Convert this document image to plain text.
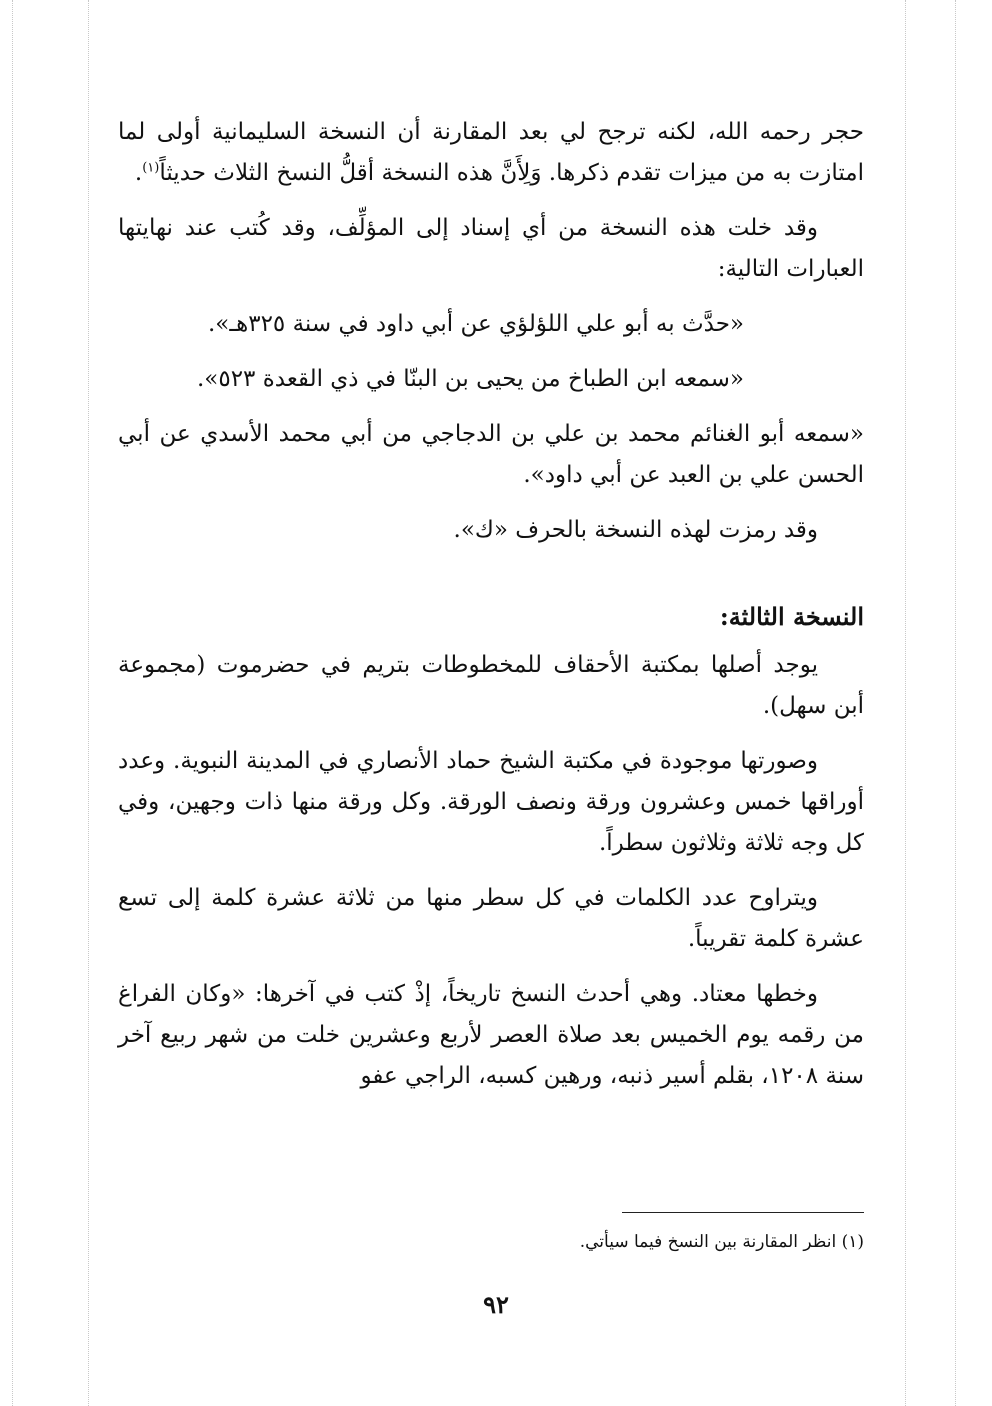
حجر رحمه الله، لكنه ترجح لي بعد المقارنة أن النسخة السليمانية أولى لما امتازت به من ميزات تقدم ذكرها. وَلِأَنَّ هذه النسخة أقلُّ النسخ الثلاث حديثاً$^{(١)}$.

وقد خلت هذه النسخة من أي إسناد إلى المؤلِّف، وقد كُتب عند نهايتها العبارات التالية:

«حدَّث به أبو علي اللؤلؤي عن أبي داود في سنة ٣٢٥هـ».

«سمعه ابن الطباخ من يحيى بن البنّا في ذي القعدة ٥٢٣».

«سمعه أبو الغنائم محمد بن علي بن الدجاجي من أبي محمد الأسدي عن أبي الحسن علي بن العبد عن أبي داود».

وقد رمزت لهذه النسخة بالحرف «ك».

النسخة الثالثة:

يوجد أصلها بمكتبة الأحقاف للمخطوطات بتريم في حضرموت (مجموعة أبن سهل).

وصورتها موجودة في مكتبة الشيخ حماد الأنصاري في المدينة النبوية. وعدد أوراقها خمس وعشرون ورقة ونصف الورقة. وكل ورقة منها ذات وجهين، وفي كل وجه ثلاثة وثلاثون سطراً.

ويتراوح عدد الكلمات في كل سطر منها من ثلاثة عشرة كلمة إلى تسع عشرة كلمة تقريباً.

وخطها معتاد. وهي أحدث النسخ تاريخاً، إذْ كتب في آخرها: «وكان الفراغ من رقمه يوم الخميس بعد صلاة العصر لأربع وعشرين خلت من شهر ربيع آخر سنة ١٢٠٨، بقلم أسير ذنبه، ورهين كسبه، الراجي عفو

(١) انظر المقارنة بين النسخ فيما سيأتي.
٩٢
